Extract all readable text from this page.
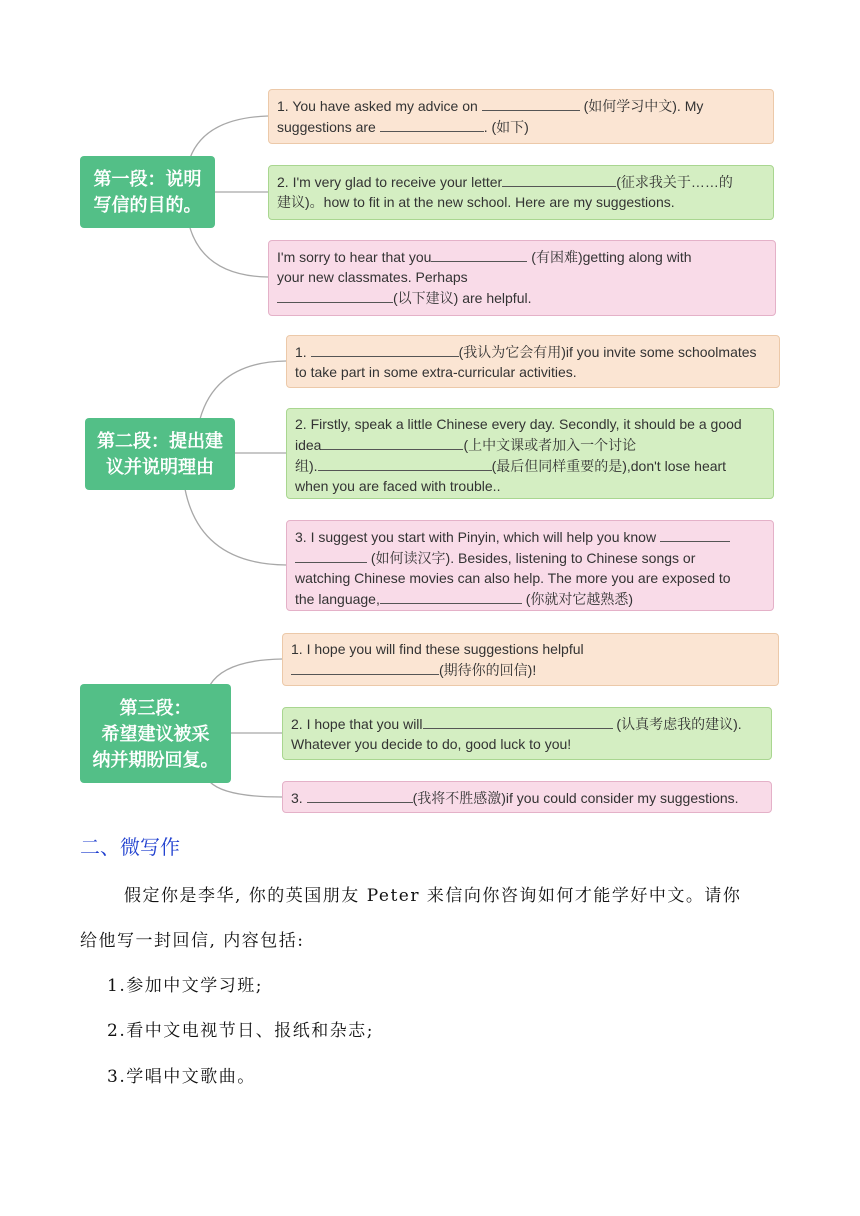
第一段：说明
写信的目的。
1. You have asked my advice on	(如何学习中文). My
suggestions are	. (如下)
2. I'm very glad to receive your letter	(征求我关于……的
建议)。how to fit in at the new school. Here are my suggestions.
I'm sorry to hear that you	(有困难)getting along with
your new classmates. Perhaps
(以下建议) are helpful.
第二段：提出建
议并说明理由
1.	(我认为它会有用)if you invite some schoolmates
to take part in some extra-curricular activities.
2. Firstly, speak a little Chinese every day. Secondly, it should be a good
idea	(上中文课或者加入一个讨论
组).	(最后但同样重要的是),don't lose heart
when you are faced with trouble..
3. I suggest you start with Pinyin, which will help you know
(如何读汉字). Besides, listening to Chinese songs or
watching Chinese movies can also help. The more you are exposed to
the language,	(你就对它越熟悉)
第三段：
希望建议被采
纳并期盼回复。
1. I hope you will find these suggestions helpful
(期待你的回信)!
2. I hope that you will	(认真考虑我的建议).
Whatever you decide to do, good luck to you!
3.	(我将不胜感激)if you could consider my suggestions.
二、微写作
假定你是李华, 你的英国朋友 Peter 来信向你咨询如何才能学好中文。请你
给他写一封回信, 内容包括:
1.参加中文学习班;
2.看中文电视节日、报纸和杂志;
3.学唱中文歌曲。
